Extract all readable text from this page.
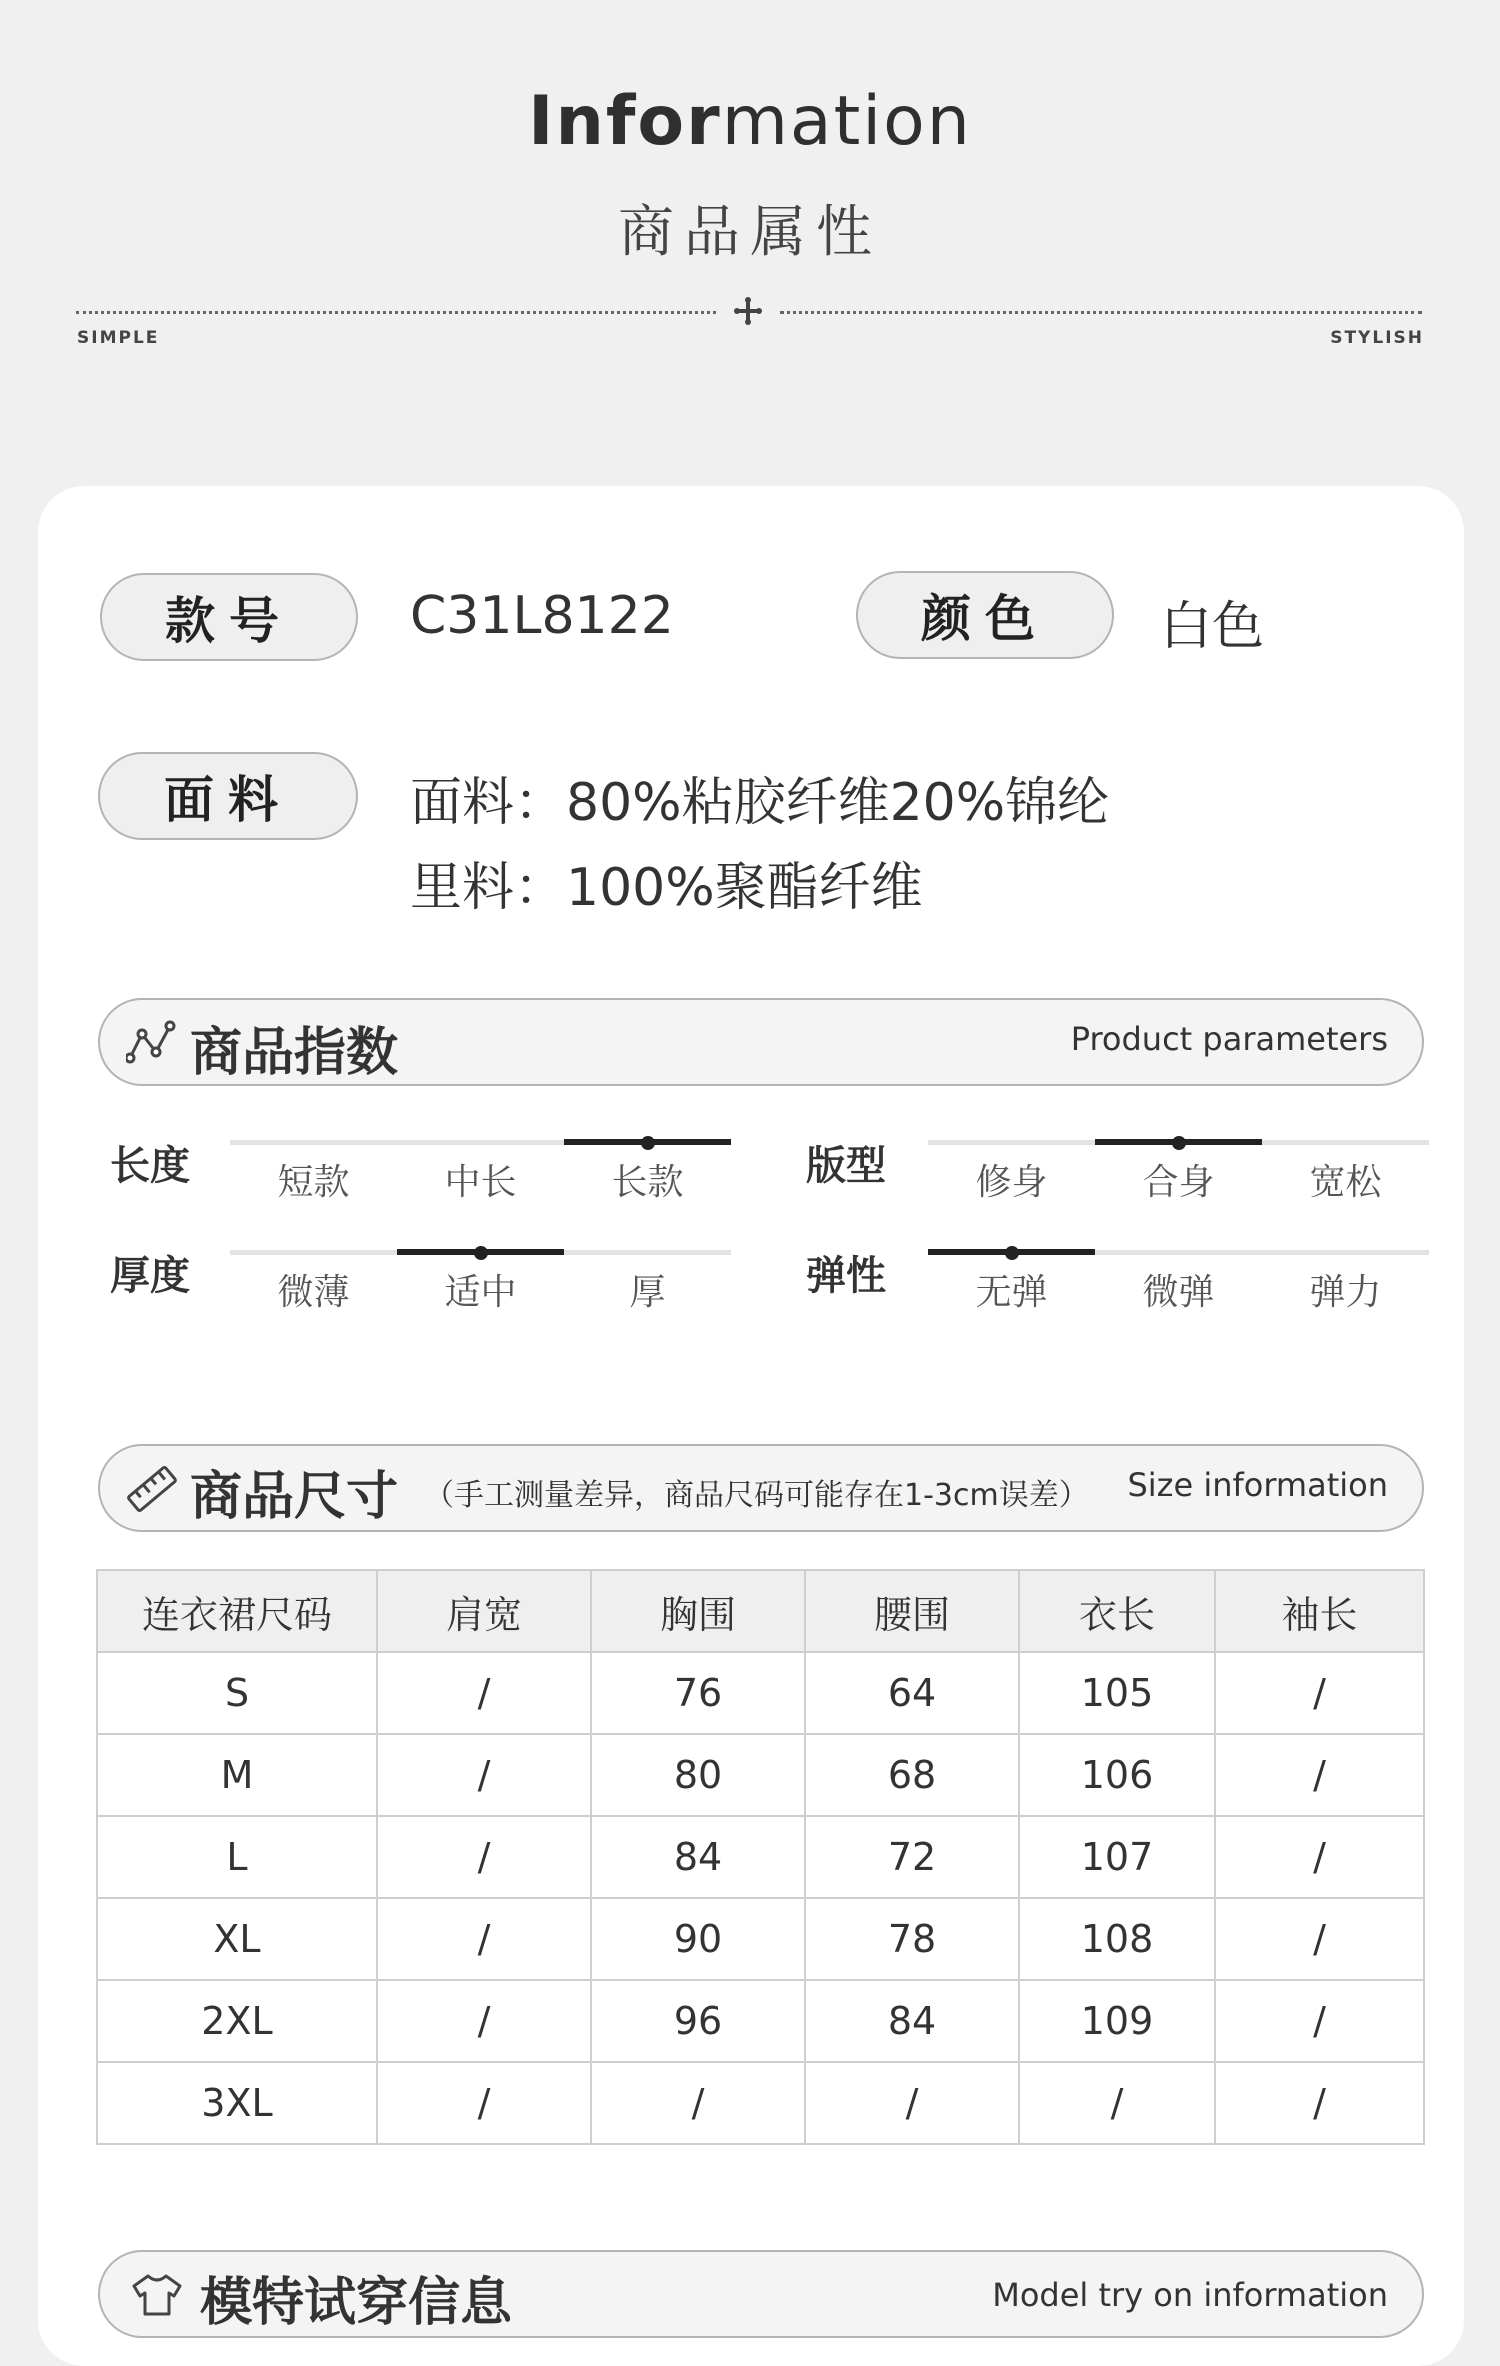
Information
商品属性
SIMPLE	STYLISH
款号	C31L8122	颜色	白色
面料	面料：80%粘胶纤维20%锦纶
里料：100%聚酯纤维
商品指数	Product parameters
长度	短款	中长	长款	版型	修身	合身	宽松
厚度	微薄	适中	厚	弹性	无弹	微弹	弹力
商品尺寸 （手工测量差异，商品尺码可能存在1-3cm误差） Size information
连衣裙尺码	肩宽	胸围	腰围	衣长	袖长
S	/	76	64	105	/
M	/	80	68	106	/
L	/	84	72	107	/
XL	/	90	78	108	/
2XL	/	96	84	109	/
3XL	/	/	/	/	/
模特试穿信息	Model try on information
